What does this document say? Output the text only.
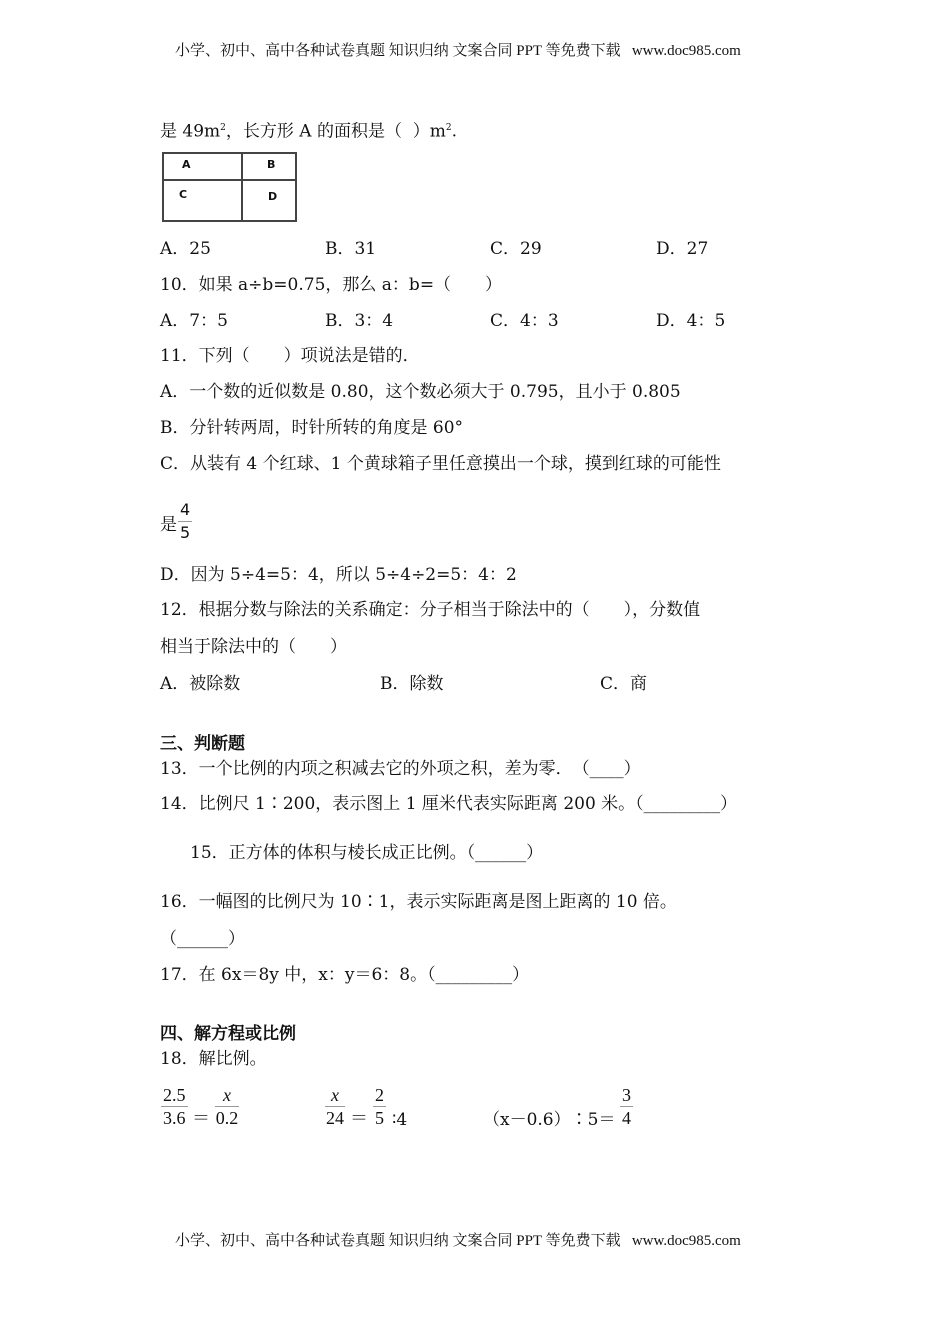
小学、初中、高中各种试卷真题 知识归纳 文案合同 PPT 等免费下载   www.doc985.com
是 $49m^2$，长方形 A 的面积是（  ）$m^2$.
A	B
C	D
A．25	B．31	C．29	D．27
10．如果 a÷b=0.75，那么 a：b=（　　）
A．7：5	B．3：4	C．4：3	D．4：5
11．下列（　　）项说法是错的．
A．一个数的近似数是 0.80，这个数必须大于 0.795，且小于 0.805
B．分针转两周，时针所转的角度是 60°
C．从装有 4 个红球、1 个黄球箱子里任意摸出一个球，摸到红球的可能性
是 $\frac{4}{5}$
D．因为 5÷4=5：4，所以 5÷4÷2=5：4：2
12．根据分数与除法的关系确定：分子相当于除法中的（　　），分数值
相当于除法中的（　　）
A．被除数	B．除数	C．商
三、判断题
13．一个比例的内项之积减去它的外项之积，差为零．　（____）
14．比例尺 1∶200，表示图上 1 厘米代表实际距离 200 米。（_________）
15．正方体的体积与棱长成正比例。（______）
16．一幅图的比例尺为 10∶1，表示实际距离是图上距离的 10 倍。
（______）
17．在 6x＝8y 中，x：y＝6：8。（_________）
四、解方程或比例
18．解比例。
$\frac{2.5}{3.6} = \frac{x}{0.2}$	$\frac{x}{24} = \frac{2}{5}$ ∶4	（x－0.6）∶5＝ $\frac{3}{4}$
小学、初中、高中各种试卷真题 知识归纳 文案合同 PPT 等免费下载   www.doc985.com
